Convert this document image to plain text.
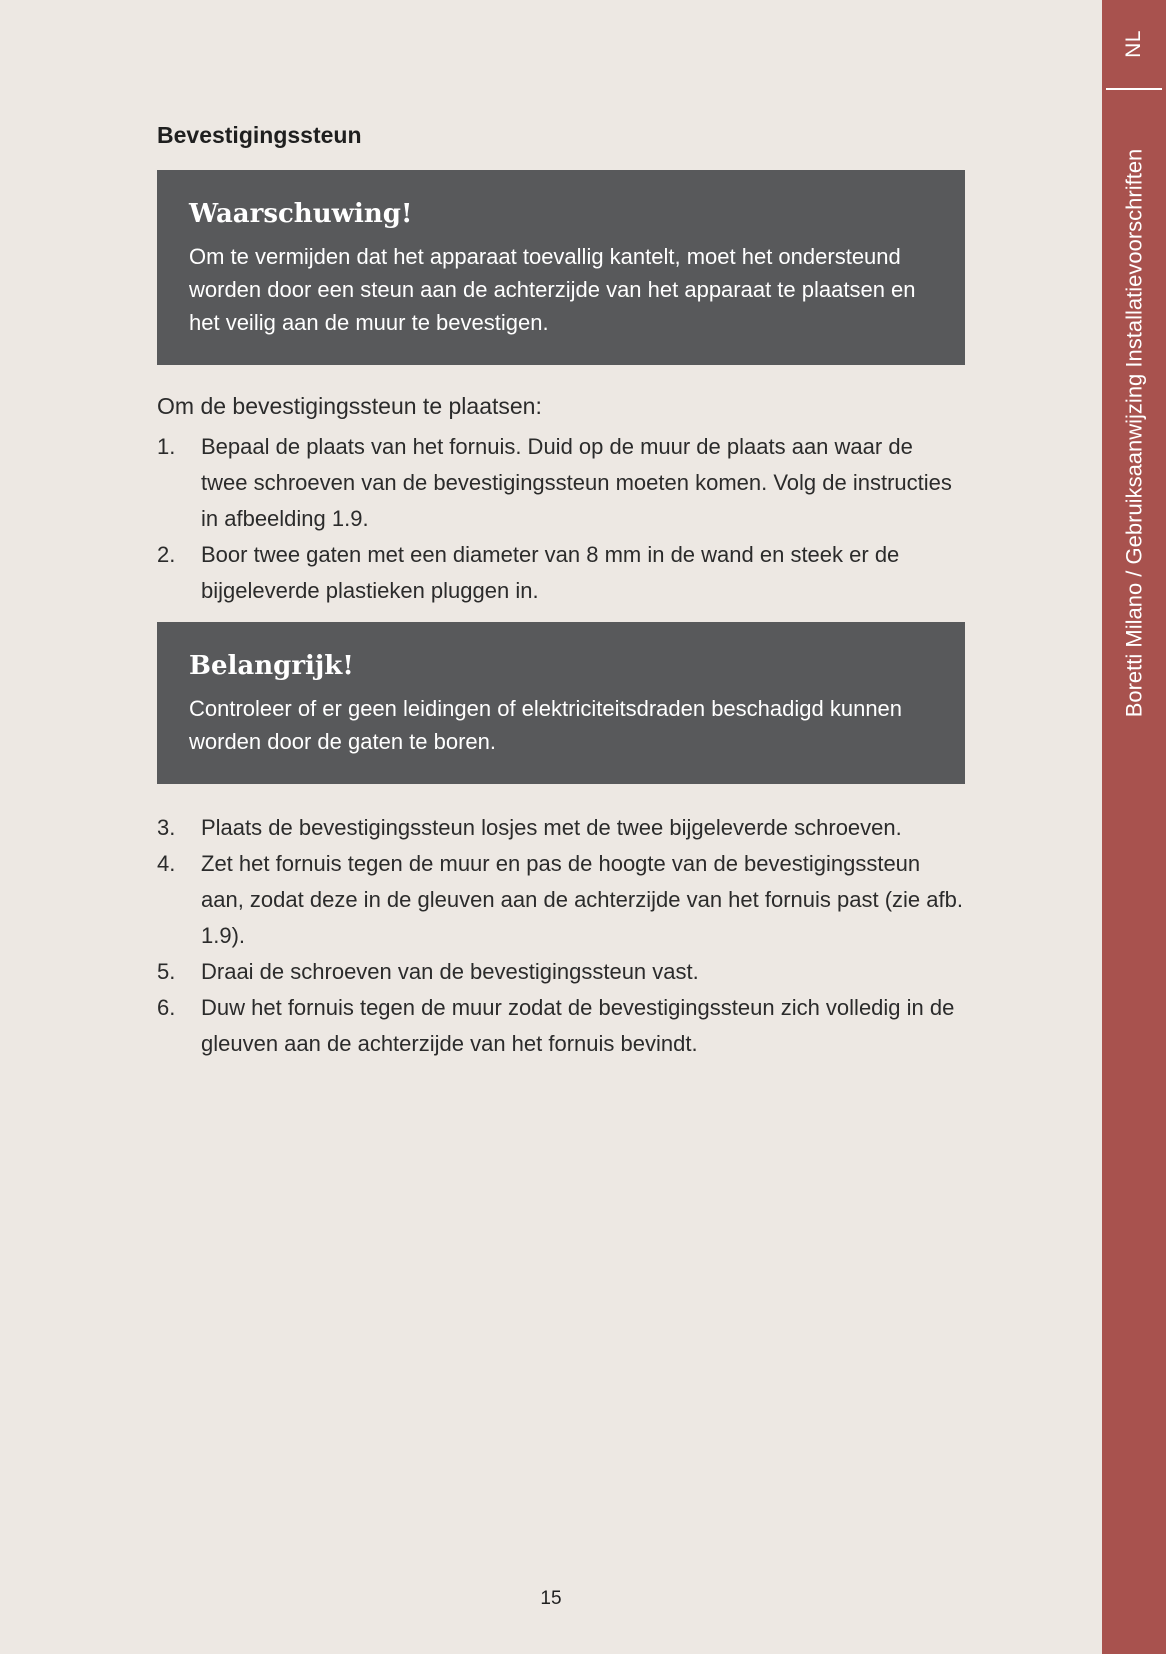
NL
Boretti Milano / Gebruiksaanwijzing Installatievoorschriften
Bevestigingssteun
Waarschuwing!

Om te vermijden dat het apparaat toevallig kantelt, moet het ondersteund worden door een steun aan de achterzijde van het apparaat te plaatsen en het veilig aan de muur te bevestigen.

Om de bevestigingssteun te plaatsen:
1.	Bepaal de plaats van het fornuis. Duid op de muur de plaats aan waar de twee schroeven van de bevestigingssteun moeten komen. Volg de instructies in afbeelding 1.9.
2.	Boor twee gaten met een diameter van 8 mm in de wand en steek er de bijgeleverde plastieken pluggen in.
Belangrijk!

Controleer of er geen leidingen of elektriciteitsdraden beschadigd kunnen worden door de gaten te boren.

3.	Plaats de bevestigingssteun losjes met de twee bijgeleverde schroeven.
4.	Zet het fornuis tegen de muur en pas de hoogte van de bevestigingssteun aan, zodat deze in de gleuven aan de achterzijde van het fornuis past (zie afb. 1.9).
5.	Draai de schroeven van de bevestigingssteun vast.
6.	Duw het fornuis tegen de muur zodat de bevestigingssteun zich volledig in de gleuven aan de achterzijde van het fornuis bevindt.
15
